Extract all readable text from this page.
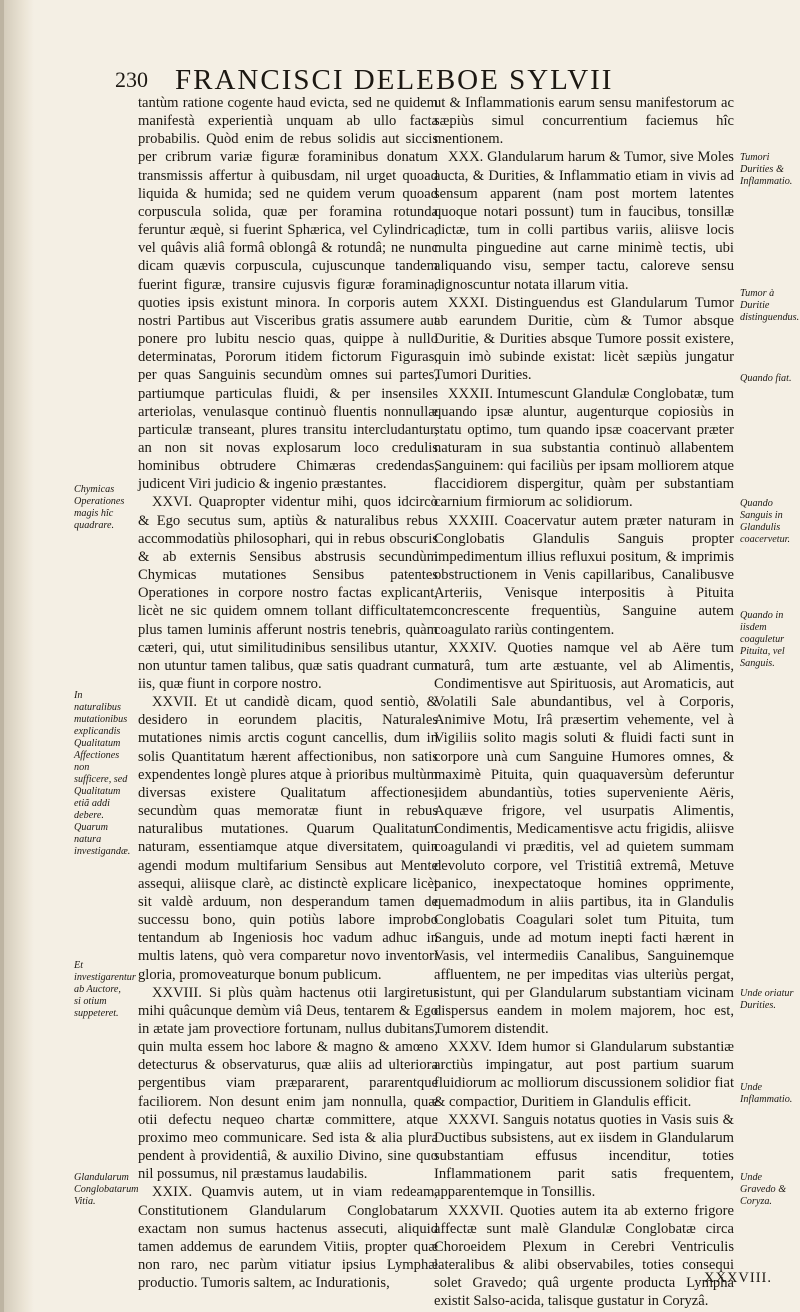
230 FRANCISCI DELEBOE SYLVII

tantùm ratione cogente haud evicta, sed ne quidem manifestà experientià unquam ab ullo facta probabilis. Quòd enim de rebus solidis aut siccis per cribrum variæ figuræ foraminibus donatum transmissis affertur à quibusdam, nil urget quoad liquida & humida; sed ne quidem verum quoad corpuscula solida, quæ per foramina rotunda feruntur æquè, si fuerint Sphærica, vel Cylindrica, vel quâvis aliâ formâ oblongâ & rotundâ; ne nunc dicam quævis corpuscula, cujuscunque tandem fuerint figuræ, transire cujusvis figuræ foramina, quoties ipsis existunt minora. In corporis autem nostri Partibus aut Visceribus gratis assumere aut ponere pro lubitu nescio quas, quippe à nullo determinatas, Pororum itidem fictorum Figuras, per quas Sanguinis secundùm omnes sui partes, partiumque particulas fluidi, & per insensiles arteriolas, venulasque continuò fluentis nonnullæ particulæ transeant, plures transitu intercludantur, an non sit novas explosarum loco credulis hominibus obtrudere Chimæras credendas, judicent Viri judicio & ingenio præstantes.

XXVI. Quapropter videntur mihi, quos idcircò & Ego secutus sum, aptiùs & naturalibus rebus accommodatiùs philosophari, qui in rebus obscuris & ab externis Sensibus abstrusis secundùm Chymicas mutationes Sensibus patentes Operationes in corpore nostro factas explicant, licèt ne sic quidem omnem tollant difficultatem: plus tamen luminis afferunt nostris tenebris, quàm cæteri, qui, utut similitudinibus sensilibus utantur, non utuntur tamen talibus, quæ satis quadrant cum iis, quæ fiunt in corpore nostro.

XXVII. Et ut candidè dicam, quod sentiò, & desidero in eorundem placitis, Naturales mutationes nimis arctis cogunt cancellis, dum in solis Quantitatum hærent affectionibus, non satis expendentes longè plures atque à prioribus multùm diversas existere Qualitatum affectiones, secundùm quas memoratæ fiunt in rebus naturalibus mutationes. Quarum Qualitatum naturam, essentiamque atque diversitatem, quin agendi modum multifarium Sensibus aut Mente assequi, aliisque clarè, ac distinctè explicare licèt sit valdè arduum, non desperandum tamen de successu bono, quin potiùs labore improbo tentandum ab Ingeniosis hoc vadum adhuc in multis latens, quò vera comparetur novo inventori gloria, promoveaturque bonum publicum.

XXVIII. Si plùs quàm hactenus otii largiretur mihi quâcunque demùm viâ Deus, tentarem & Ego in ætate jam provectiore fortunam, nullus dubitans, quin multa essem hoc labore & magno & amœno detecturus & observaturus, quæ aliis ad ulteriora pergentibus viam præpararent, pararentque faciliorem. Non desunt enim jam nonnulla, quæ otii defectu nequeo chartæ committere, atque proximo meo communicare. Sed ista & alia plura pendent à providentiâ, & auxilio Divino, sine quo nil possumus, nil præstamus laudabilis.

XXIX. Quamvis autem, ut in viam redeam, Constitutionem Glandularum Conglobatarum exactam non sumus hactenus assecuti, aliquid tamen addemus de earundem Vitiis, propter quæ non raro, nec parùm vitiatur ipsius Lymphæ productio. Tumoris saltem, ac Indurationis,

ut & Inflammationis earum sensu manifestorum ac sæpiùs simul concurrentium faciemus hîc mentionem.

XXX. Glandularum harum & Tumor, sive Moles aucta, & Durities, & Inflammatio etiam in vivis ad sensum apparent (nam post mortem latentes quoque notari possunt) tum in faucibus, tonsillæ dictæ, tum in colli partibus variis, aliisve locis multa pinguedine aut carne minimè tectis, ubi aliquando visu, semper tactu, caloreve sensu dignoscuntur notata illarum vitia.

XXXI. Distinguendus est Glandularum Tumor ab earundem Duritie, cùm & Tumor absque Duritie, & Durities absque Tumore possit existere, quin imò subinde existat: licèt sæpiùs jungatur Tumori Durities.

XXXII. Intumescunt Glandulæ Conglobatæ, tum quando ipsæ aluntur, augenturque copiosiùs in statu optimo, tum quando ipsæ coacervant præter naturam in sua substantia continuò allabentem Sanguinem: qui faciliùs per ipsam molliorem atque flaccidiorem dispergitur, quàm per substantiam carnium firmiorum ac solidiorum.

XXXIII. Coacervatur autem præter naturam in Conglobatis Glandulis Sanguis propter impedimentum illius refluxui positum, & imprimis obstructionem in Venis capillaribus, Canalibusve Arteriis, Venisque interpositis à Pituita concrescente frequentiùs, Sanguine autem coagulato rariùs contingentem.

XXXIV. Quoties namque vel ab Aëre tum naturâ, tum arte æstuante, vel ab Alimentis, Condimentisve aut Spirituosis, aut Aromaticis, aut Volatili Sale abundantibus, vel à Corporis, Animive Motu, Irâ præsertim vehemente, vel à Vigiliis solito magis soluti & fluidi facti sunt in corpore unà cum Sanguine Humores omnes, & maximè Pituita, quin quaquaversùm deferuntur iidem abundantiùs, toties superveniente Aëris, Aquæve frigore, vel usurpatis Alimentis, Condimentis, Medicamentisve actu frigidis, aliisve coagulandi vi præditis, vel ad quietem summam devoluto corpore, vel Tristitiâ extremâ, Metuve panico, inexpectatoque homines opprimente, quemadmodum in aliis partibus, ita in Glandulis Conglobatis Coagulari solet tum Pituita, tum Sanguis, unde ad motum inepti facti hærent in Vasis, vel intermediis Canalibus, Sanguinemque affluentem, ne per impeditas vias ulteriùs pergat, sistunt, qui per Glandularum substantiam vicinam dispersus eandem in molem majorem, hoc est, Tumorem distendit.

XXXV. Idem humor si Glandularum substantiæ arctiùs impingatur, aut post partium suarum fluidiorum ac molliorum discussionem solidior fiat & compactior, Duritiem in Glandulis efficit.

XXXVI. Sanguis notatus quoties in Vasis suis & Ductibus subsistens, aut ex iisdem in Glandularum substantiam effusus incenditur, toties Inflammationem parit satis frequentem, apparentemque in Tonsillis.

XXXVII. Quoties autem ita ab externo frigore affectæ sunt malè Glandulæ Conglobatæ circa Choroeidem Plexum in Cerebri Ventriculis lateralibus & alibi observabiles, toties consequi solet Gravedo; quâ urgente producta Lympha existit Salso-acida, talisque gustatur in Coryzâ.

Chymicas Operationes magis hîc quadrare.
In naturalibus mutationibus explicandis Qualitatum Affectiones non sufficere, sed Qualitatum etiã addi debere. Quarum natura investigandæ.
Et investigarentur ab Auctore, si otium suppeteret.
Glandularum Conglobatarum Vitia.
Tumori Durities & Inflammatio.
Tumor à Duritie distinguendus.
Quando fiat.
Quando Sanguis in Glandulis coacervetur.
Quando in iisdem coaguletur Pituita, vel Sanguis.
Unde oriatur Durities.
Unde Inflammatio.
Unde Gravedo & Coryza.
XXXVIII.
